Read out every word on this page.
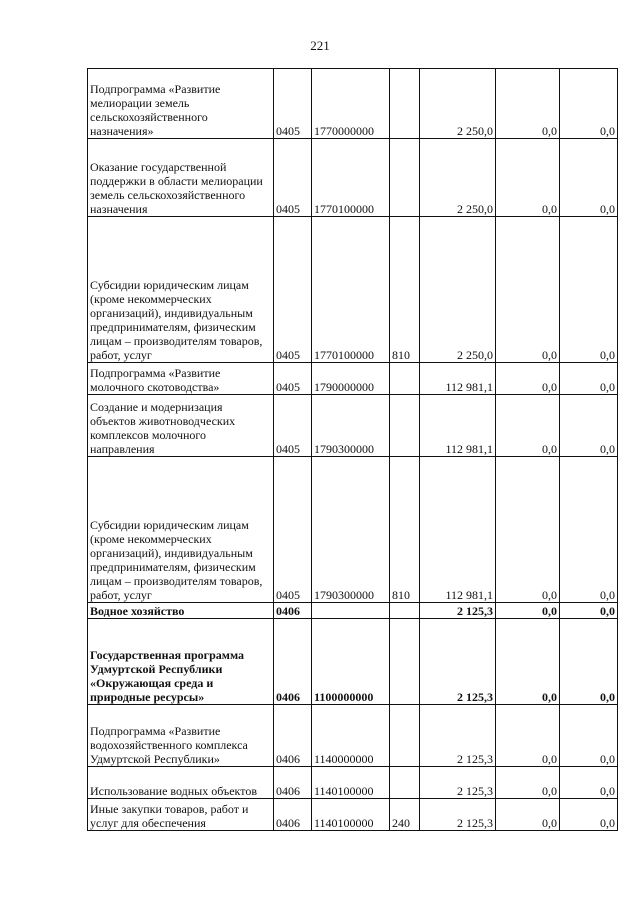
221
Подпрограмма «Развитие мелиорации земель сельскохозяйственного назначения»	0405	1770000000		2 250,0	0,0	0,0
Оказание государственной поддержки в области мелиорации земель сельскохозяйственного назначения	0405	1770100000		2 250,0	0,0	0,0
Субсидии юридическим лицам (кроме некоммерческих организаций), индивидуальным предпринимателям, физическим лицам – производителям товаров, работ, услуг	0405	1770100000	810	2 250,0	0,0	0,0
Подпрограмма «Развитие молочного скотоводства»	0405	1790000000		112 981,1	0,0	0,0
Создание и модернизация объектов животноводческих комплексов молочного направления	0405	1790300000		112 981,1	0,0	0,0
Субсидии юридическим лицам (кроме некоммерческих организаций), индивидуальным предпринимателям, физическим лицам – производителям товаров, работ, услуг	0405	1790300000	810	112 981,1	0,0	0,0
Водное хозяйство	0406			2 125,3	0,0	0,0
Государственная программа Удмуртской Республики «Окружающая среда и природные ресурсы»	0406	1100000000		2 125,3	0,0	0,0
Подпрограмма «Развитие водохозяйственного комплекса Удмуртской Республики»	0406	1140000000		2 125,3	0,0	0,0
Использование водных объектов	0406	1140100000		2 125,3	0,0	0,0
Иные закупки товаров, работ и услуг для обеспечения	0406	1140100000	240	2 125,3	0,0	0,0
